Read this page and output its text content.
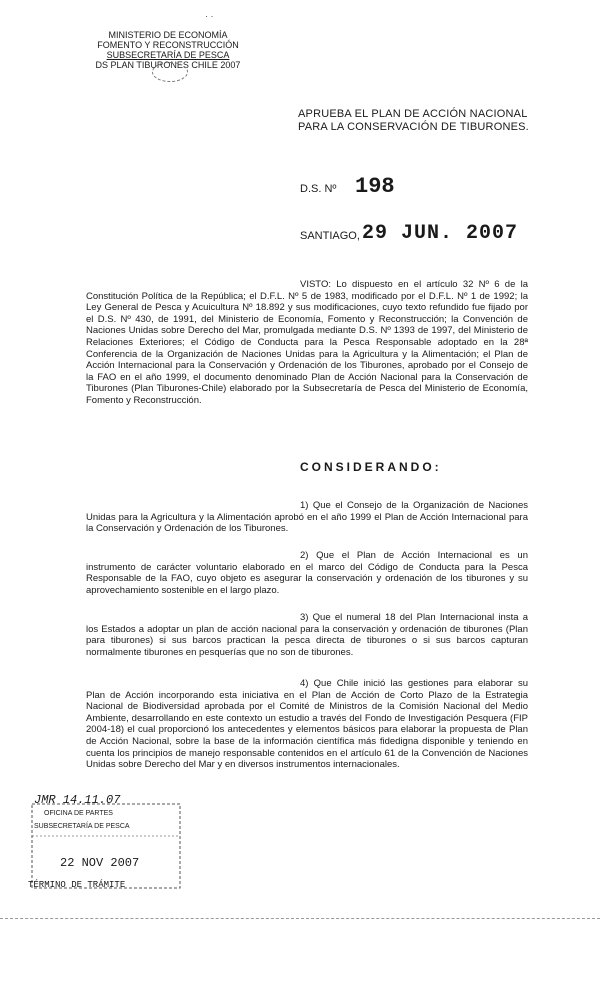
· ·
MINISTERIO DE ECONOMÍA
FOMENTO Y RECONSTRUCCIÓN
SUBSECRETARÍA DE PESCA
DS PLAN TIBURONES CHILE 2007
APRUEBA EL PLAN DE ACCIÓN NACIONAL PARA LA CONSERVACIÓN DE TIBURONES.
D.S. Nº 198
SANTIAGO, 29 JUN. 2007
VISTO: Lo dispuesto en el artículo 32 Nº 6 de la Constitución Política de la República; el D.F.L. Nº 5 de 1983, modificado por el D.F.L. Nº 1 de 1992; la Ley General de Pesca y Acuicultura Nº 18.892 y sus modificaciones, cuyo texto refundido fue fijado por el D.S. Nº 430, de 1991, del Ministerio de Economía, Fomento y Reconstrucción; la Convención de Naciones Unidas sobre Derecho del Mar, promulgada mediante D.S. Nº 1393 de 1997, del Ministerio de Relaciones Exteriores; el Código de Conducta para la Pesca Responsable adoptado en la 28ª Conferencia de la Organización de Naciones Unidas para la Agricultura y la Alimentación; el Plan de Acción Internacional para la Conservación y Ordenación de los Tiburones, aprobado por el Consejo de la FAO en el año 1999, el documento denominado Plan de Acción Nacional para la Conservación de Tiburones (Plan Tiburones-Chile) elaborado por la Subsecretaría de Pesca del Ministerio de Economía, Fomento y Reconstrucción.
CONSIDERANDO:
1) Que el Consejo de la Organización de Naciones Unidas para la Agricultura y la Alimentación aprobó en el año 1999 el Plan de Acción Internacional para la Conservación y Ordenación de los Tiburones.
2) Que el Plan de Acción Internacional es un instrumento de carácter voluntario elaborado en el marco del Código de Conducta para la Pesca Responsable de la FAO, cuyo objeto es asegurar la conservación y ordenación de los tiburones y su aprovechamiento sostenible en el largo plazo.
3) Que el numeral 18 del Plan Internacional insta a los Estados a adoptar un plan de acción nacional para la conservación y ordenación de tiburones (Plan para tiburones) si sus barcos practican la pesca directa de tiburones o si sus barcos capturan normalmente tiburones en pesquerías que no son de tiburones.
4) Que Chile inició las gestiones para elaborar su Plan de Acción incorporando esta iniciativa en el Plan de Acción de Corto Plazo de la Estrategia Nacional de Biodiversidad aprobada por el Comité de Ministros de la Comisión Nacional del Medio Ambiente, desarrollando en este contexto un estudio a través del Fondo de Investigación Pesquera (FIP 2004-18) el cual proporcionó los antecedentes y elementos básicos para elaborar la propuesta de Plan de Acción Nacional, sobre la base de la información científica más fidedigna disponible y teniendo en cuenta los principios de manejo responsable contenidos en el artículo 61 de la Convención de Naciones Unidas sobre Derecho del Mar y en diversos instrumentos internacionales.
JMR 14.11.07
OFICINA DE PARTES
SUBSECRETARÍA DE PESCA
22 NOV 2007
TÉRMINO DE TRÁMITE
